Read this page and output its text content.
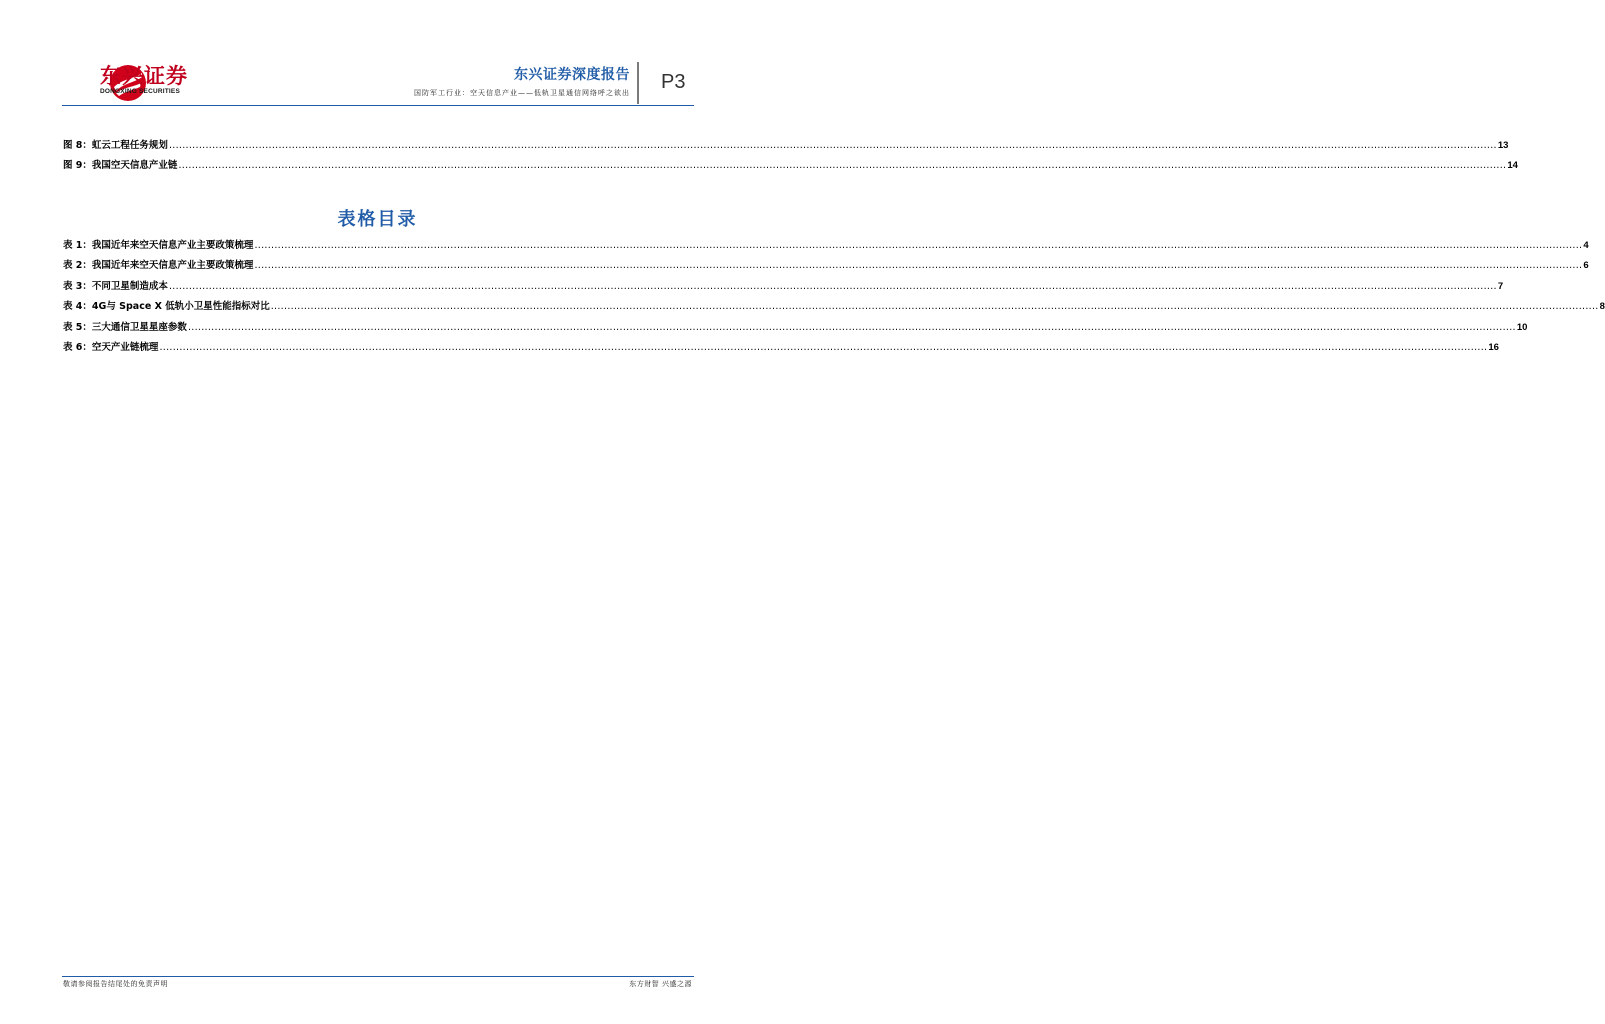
东兴证券
DONGXING SECURITIES
东兴证券深度报告
国防军工行业：空天信息产业——低轨卫星通信网络呼之欲出 P3
图 8： 虹云工程任务规划 ................................................................................................................................................................................................................................................................................................................................................................................................................ 13
图 9： 我国空天信息产业链 ................................................................................................................................................................................................................................................................................................................................................................................................................ 14
表格目录
表 1： 我国近年来空天信息产业主要政策梳理 ................................................................................................................................................................................................................................................................................................................................................................................................................ 4
表 2： 我国近年来空天信息产业主要政策梳理 ................................................................................................................................................................................................................................................................................................................................................................................................................ 6
表 3： 不同卫星制造成本 ................................................................................................................................................................................................................................................................................................................................................................................................................ 7
表 4： 4G与 Space X 低轨小卫星性能指标对比 ................................................................................................................................................................................................................................................................................................................................................................................................................ 8
表 5： 三大通信卫星星座参数 ................................................................................................................................................................................................................................................................................................................................................................................................................ 10
表 6： 空天产业链梳理 ................................................................................................................................................................................................................................................................................................................................................................................................................ 16
敬请参阅报告结尾处的免责声明	东方财智 兴盛之源
